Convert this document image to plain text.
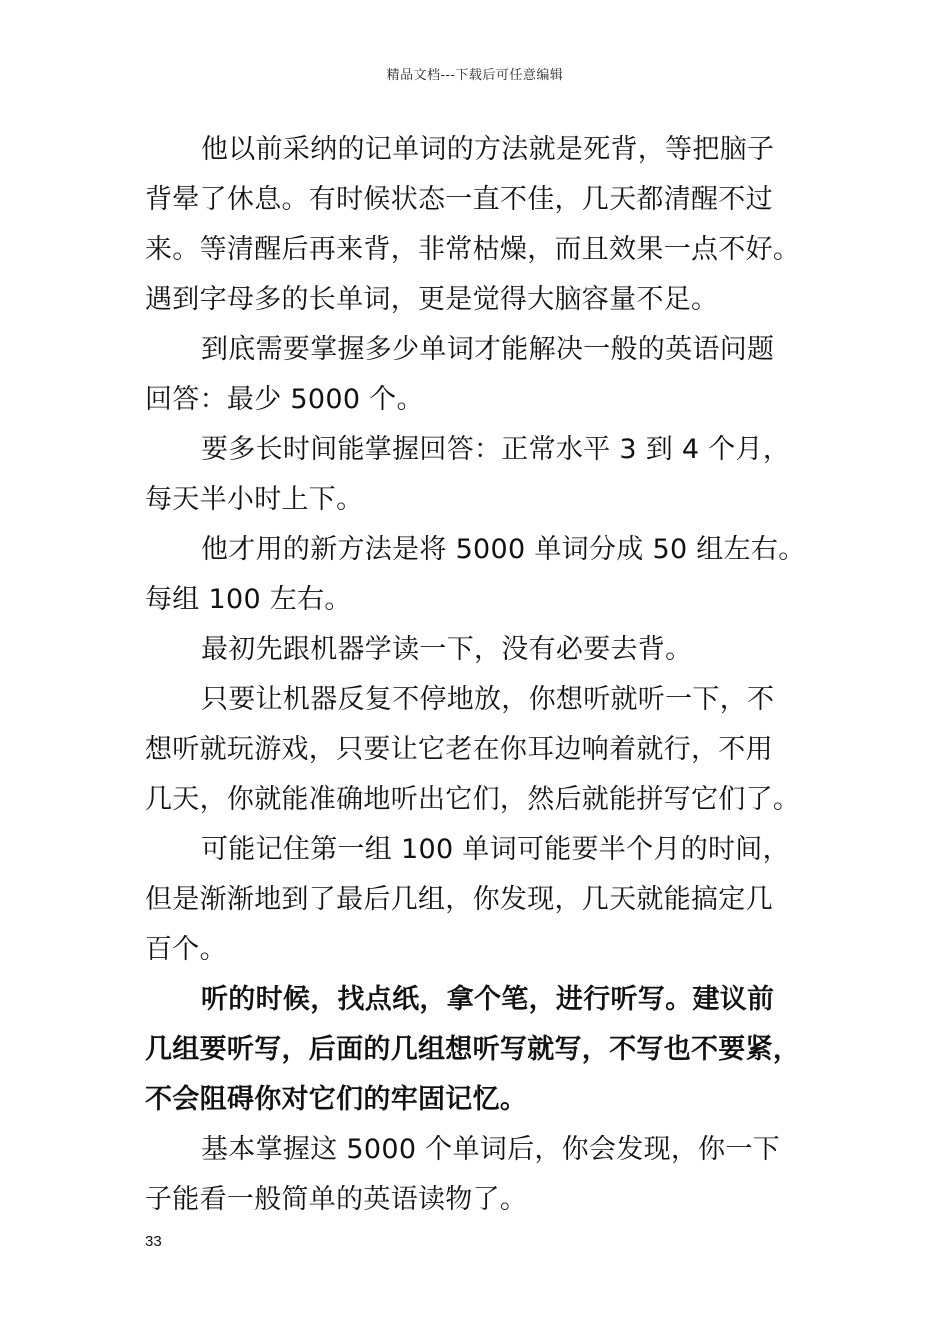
精品文档---下载后可任意编辑
他以前采纳的记单词的方法就是死背，等把脑子
背晕了休息。有时候状态一直不佳，几天都清醒不过
来。等清醒后再来背，非常枯燥，而且效果一点不好。
遇到字母多的长单词，更是觉得大脑容量不足。
到底需要掌握多少单词才能解决一般的英语问题
回答：最少 5000 个。
要多长时间能掌握回答：正常水平 3 到 4 个月，
每天半小时上下。
他才用的新方法是将 5000 单词分成 50 组左右。
每组 100 左右。
最初先跟机器学读一下，没有必要去背。
只要让机器反复不停地放，你想听就听一下，不
想听就玩游戏，只要让它老在你耳边响着就行，不用
几天，你就能准确地听出它们，然后就能拼写它们了。
可能记住第一组 100 单词可能要半个月的时间，
但是渐渐地到了最后几组，你发现，几天就能搞定几
百个。
听的时候，找点纸，拿个笔，进行听写。建议前
几组要听写，后面的几组想听写就写，不写也不要紧，
不会阻碍你对它们的牢固记忆。
基本掌握这 5000 个单词后，你会发现，你一下
子能看一般简单的英语读物了。
33
